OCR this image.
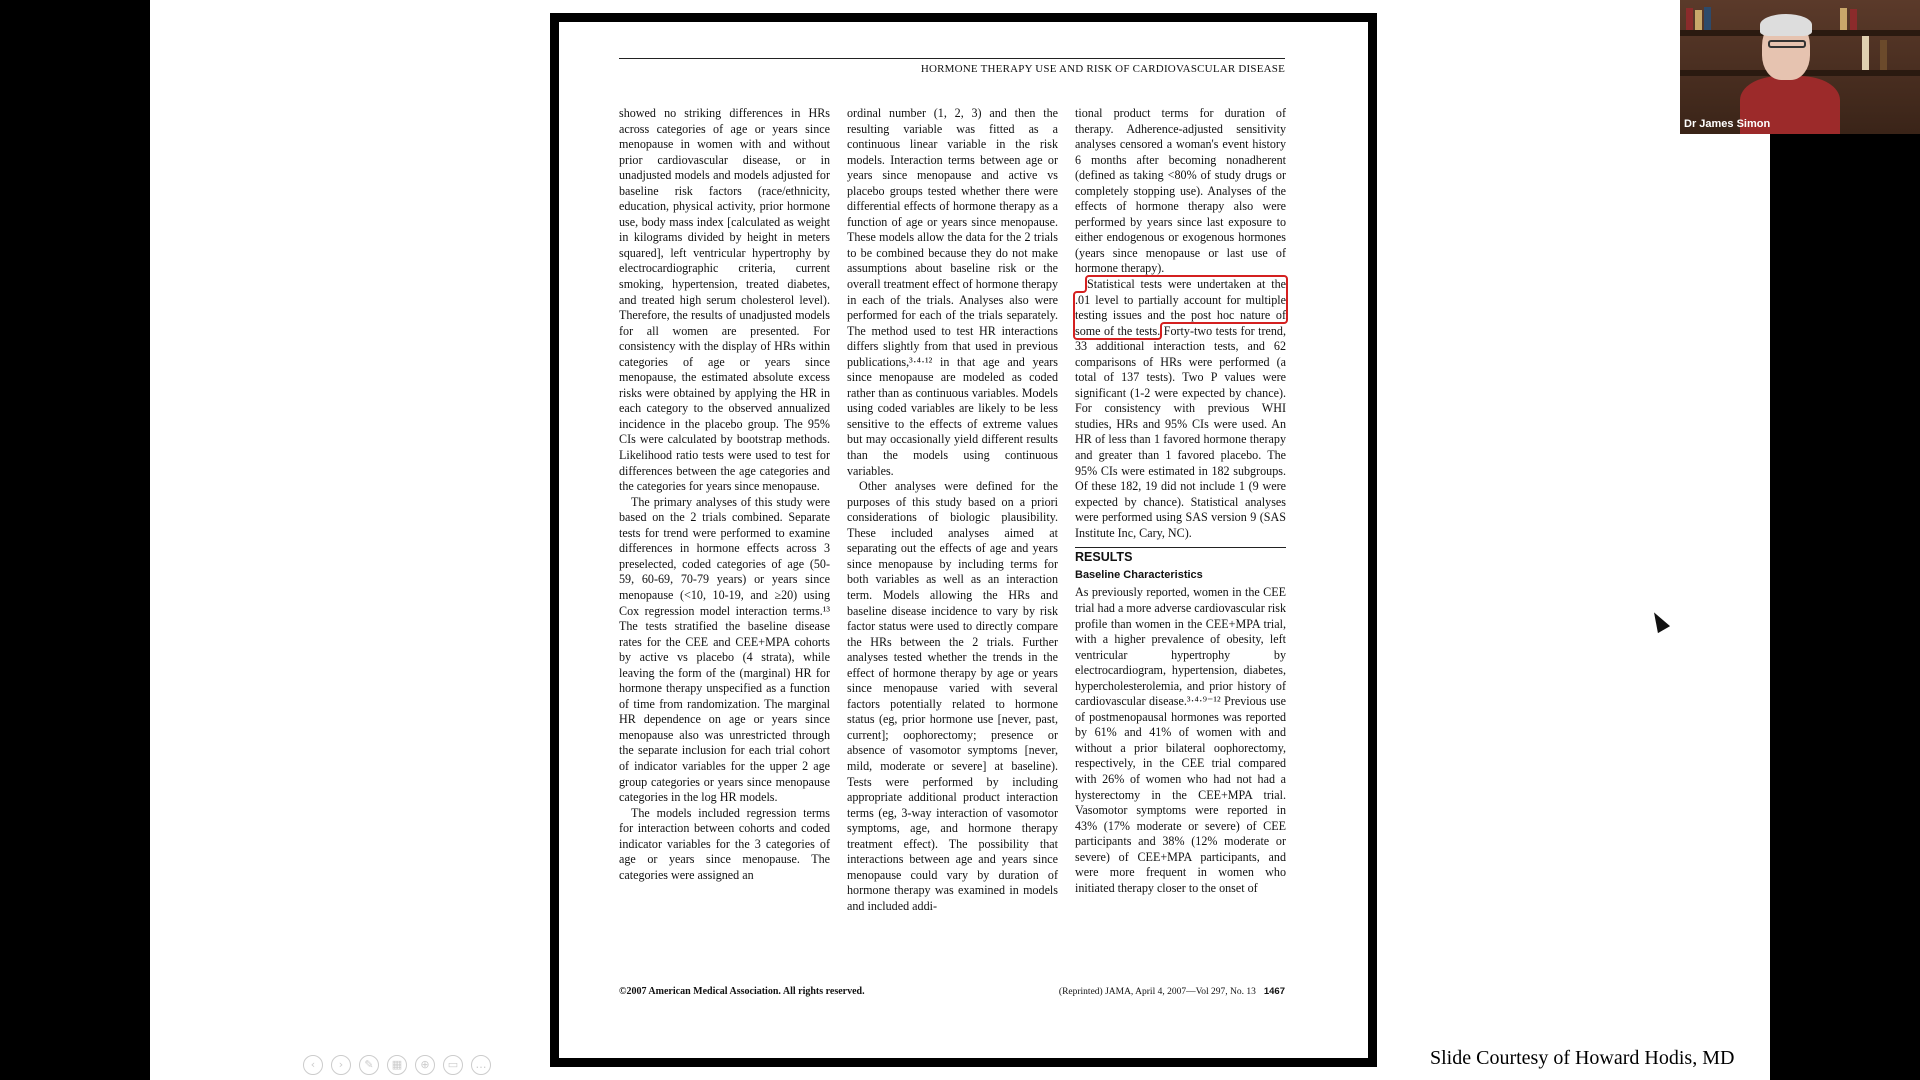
‹	›	✎	▦	⊕	▭	…
HORMONE THERAPY USE AND RISK OF CARDIOVASCULAR DISEASE

showed no striking differences in HRs across categories of age or years since menopause in women with and without prior cardiovascular disease, or in unadjusted models and models adjusted for baseline risk factors (race/ethnicity, education, physical activity, prior hormone use, body mass index [calculated as weight in kilograms divided by height in meters squared], left ventricular hypertrophy by electrocardiographic criteria, current smoking, hypertension, treated diabetes, and treated high serum cholesterol level). Therefore, the results of unadjusted models for all women are presented. For consistency with the display of HRs within categories of age or years since menopause, the estimated absolute excess risks were obtained by applying the HR in each category to the observed annualized incidence in the placebo group. The 95% CIs were calculated by bootstrap methods. Likelihood ratio tests were used to test for differences between the age categories and the categories for years since menopause.

The primary analyses of this study were based on the 2 trials combined. Separate tests for trend were performed to examine differences in hormone effects across 3 preselected, coded categories of age (50-59, 60-69, 70-79 years) or years since menopause (<10, 10-19, and ≥20) using Cox regression model interaction terms.¹³ The tests stratified the baseline disease rates for the CEE and CEE+MPA cohorts by active vs placebo (4 strata), while leaving the form of the (marginal) HR for hormone therapy unspecified as a function of time from randomization. The marginal HR dependence on age or years since menopause also was unrestricted through the separate inclusion for each trial cohort of indicator variables for the upper 2 age group categories or years since menopause categories in the log HR models.

The models included regression terms for interaction between cohorts and coded indicator variables for the 3 categories of age or years since menopause. The categories were assigned an

ordinal number (1, 2, 3) and then the resulting variable was fitted as a continuous linear variable in the risk models. Interaction terms between age or years since menopause and active vs placebo groups tested whether there were differential effects of hormone therapy as a function of age or years since menopause. These models allow the data for the 2 trials to be combined because they do not make assumptions about baseline risk or the overall treatment effect of hormone therapy in each of the trials. Analyses also were performed for each of the trials separately. The method used to test HR interactions differs slightly from that used in previous publications,³·⁴·¹² in that age and years since menopause are modeled as coded rather than as continuous variables. Models using coded variables are likely to be less sensitive to the effects of extreme values but may occasionally yield different results than the models using continuous variables.

Other analyses were defined for the purposes of this study based on a priori considerations of biologic plausibility. These included analyses aimed at separating out the effects of age and years since menopause by including terms for both variables as well as an interaction term. Models allowing the HRs and baseline disease incidence to vary by risk factor status were used to directly compare the HRs between the 2 trials. Further analyses tested whether the trends in the effect of hormone therapy by age or years since menopause varied with several factors potentially related to hormone status (eg, prior hormone use [never, past, current]; oophorectomy; presence or absence of vasomotor symptoms [never, mild, moderate or severe] at baseline). Tests were performed by including appropriate additional product interaction terms (eg, 3-way interaction of vasomotor symptoms, age, and hormone therapy treatment effect). The possibility that interactions between age and years since menopause could vary by duration of hormone therapy was examined in models and included addi-

tional product terms for duration of therapy. Adherence-adjusted sensitivity analyses censored a woman's event history 6 months after becoming nonadherent (defined as taking <80% of study drugs or completely stopping use). Analyses of the effects of hormone therapy also were performed by years since last exposure to either endogenous or exogenous hormones (years since menopause or last use of hormone therapy).

Statistical tests were undertaken at the .01 level to partially account for multiple testing issues and the post hoc nature of some of the tests. Forty-two tests for trend, 33 additional interaction tests, and 62 comparisons of HRs were performed (a total of 137 tests). Two P values were significant (1-2 were expected by chance). For consistency with previous WHI studies, HRs and 95% CIs were used. An HR of less than 1 favored hormone therapy and greater than 1 favored placebo. The 95% CIs were estimated in 182 subgroups. Of these 182, 19 did not include 1 (9 were expected by chance). Statistical analyses were performed using SAS version 9 (SAS Institute Inc, Cary, NC).

RESULTS
Baseline Characteristics

As previously reported, women in the CEE trial had a more adverse cardiovascular risk profile than women in the CEE+MPA trial, with a higher prevalence of obesity, left ventricular hypertrophy by electrocardiogram, hypertension, diabetes, hypercholesterolemia, and prior history of cardiovascular disease.³·⁴·⁹⁻¹² Previous use of postmenopausal hormones was reported by 61% and 41% of women with and without a prior bilateral oophorectomy, respectively, in the CEE trial compared with 26% of women who had not had a hysterectomy in the CEE+MPA trial. Vasomotor symptoms were reported in 43% (17% moderate or severe) of CEE participants and 38% (12% moderate or severe) of CEE+MPA participants, and were more frequent in women who initiated therapy closer to the onset of

©2007 American Medical Association. All rights reserved.	(Reprinted) JAMA, April 4, 2007—Vol 297, No. 13 1467
Dr James Simon
Slide Courtesy of Howard Hodis, MD
